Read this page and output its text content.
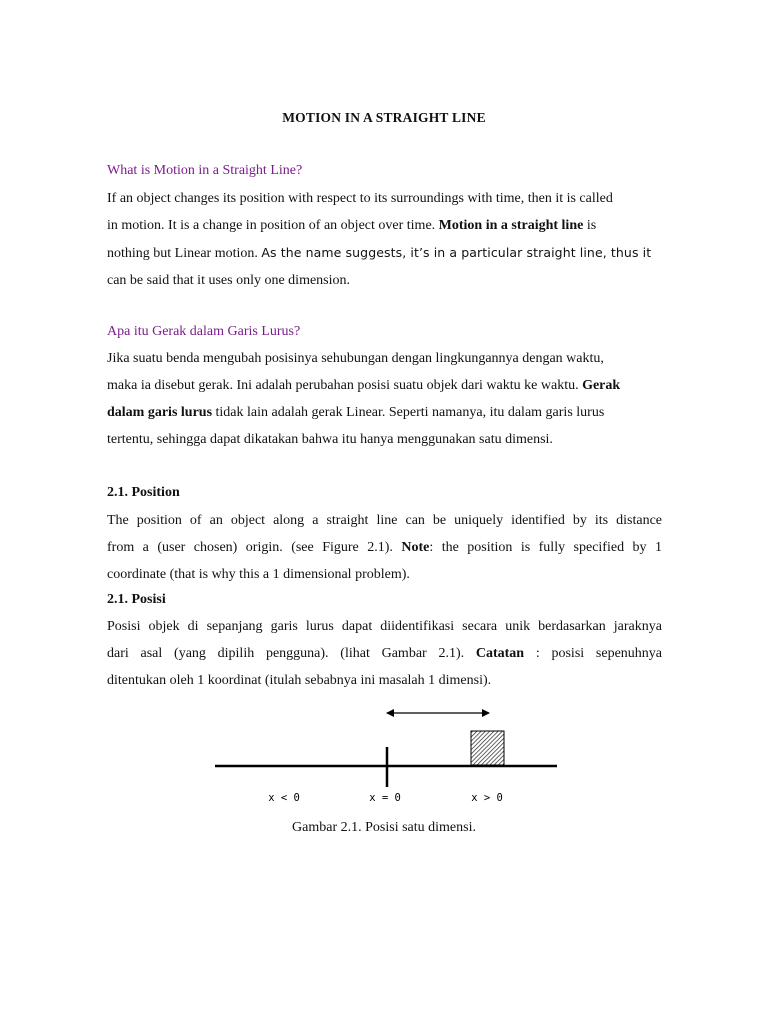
MOTION IN A STRAIGHT LINE
What is Motion in a Straight Line?
If an object changes its position with respect to its surroundings with time, then it is called
in motion. It is a change in position of an object over time. Motion in a straight line is
nothing but Linear motion. As the name suggests, it’s in a particular straight line, thus it
can be said that it uses only one dimension.
Apa itu Gerak dalam Garis Lurus?
Jika suatu benda mengubah posisinya sehubungan dengan lingkungannya dengan waktu,
maka ia disebut gerak. Ini adalah perubahan posisi suatu objek dari waktu ke waktu. Gerak
dalam garis lurus tidak lain adalah gerak Linear. Seperti namanya, itu dalam garis lurus
tertentu, sehingga dapat dikatakan bahwa itu hanya menggunakan satu dimensi.
2.1. Position
The position of an object along a straight line can be uniquely identified by its distance
from a (user chosen) origin. (see Figure 2.1). Note: the position is fully specified by 1
coordinate (that is why this a 1 dimensional problem).
2.1. Posisi
Posisi objek di sepanjang garis lurus dapat diidentifikasi secara unik berdasarkan jaraknya
dari asal (yang dipilih pengguna). (lihat Gambar 2.1). Catatan : posisi sepenuhnya
ditentukan oleh 1 koordinat (itulah sebabnya ini masalah 1 dimensi).
x < 0	x = 0	x > 0
Gambar 2.1. Posisi satu dimensi.
